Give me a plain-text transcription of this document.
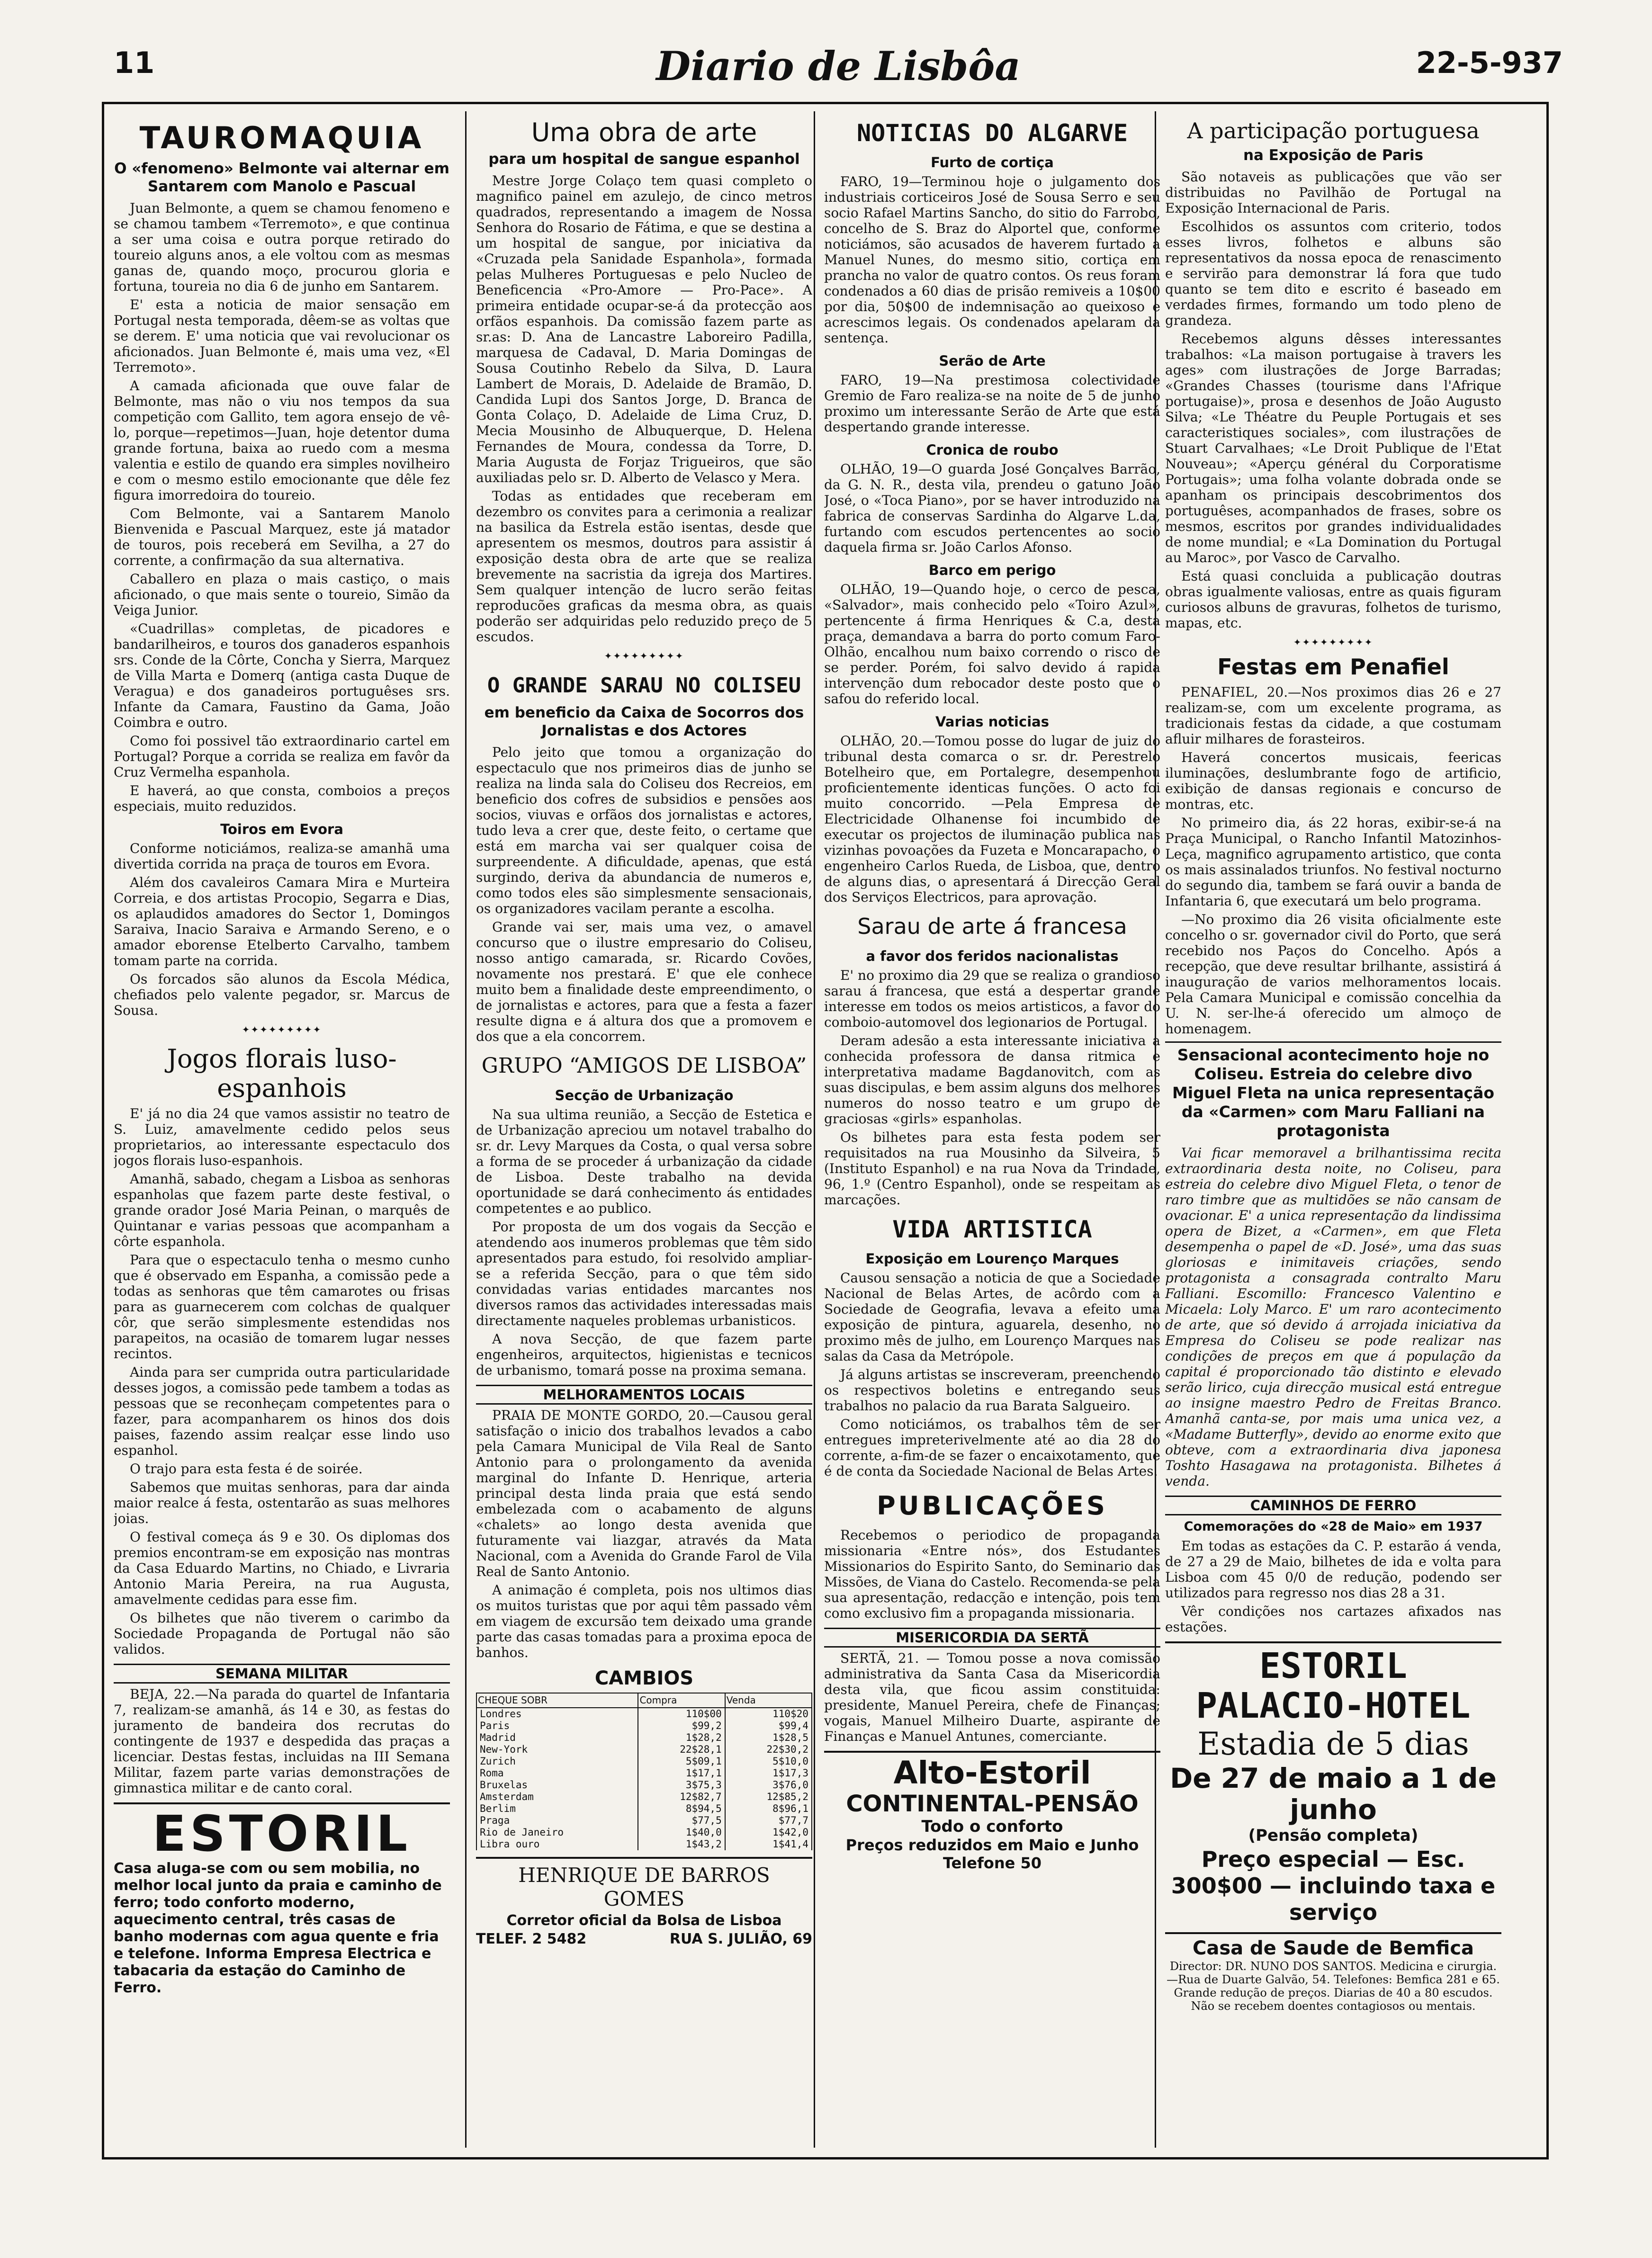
11	Diario de Lisbôa	22-5-937
TAUROMAQUIA
O «fenomeno» Belmonte vai alternar em Santarem com Manolo e Pascual

Juan Belmonte, a quem se chamou fenomeno e se chamou tambem «Terremoto», e que continua a ser uma coisa e outra porque retirado do toureio alguns anos, a ele voltou com as mesmas ganas de, quando moço, procurou gloria e fortuna, toureia no dia 6 de junho em Santarem.

E' esta a noticia de maior sensação em Portugal nesta temporada, dêem-se as voltas que se derem. E' uma noticia que vai revolucionar os aficionados. Juan Belmonte é, mais uma vez, «El Terremoto».

A camada aficionada que ouve falar de Belmonte, mas não o viu nos tempos da sua competição com Gallito, tem agora ensejo de vê-lo, porque—repetimos—Juan, hoje detentor duma grande fortuna, baixa ao ruedo com a mesma valentia e estilo de quando era simples novilheiro e com o mesmo estilo emocionante que dêle fez figura imorredoira do toureio.

Com Belmonte, vai a Santarem Manolo Bienvenida e Pascual Marquez, este já matador de touros, pois receberá em Sevilha, a 27 do corrente, a confirmação da sua alternativa.

Caballero en plaza o mais castiço, o mais aficionado, o que mais sente o toureio, Simão da Veiga Junior.

«Cuadrillas» completas, de picadores e bandarilheiros, e touros dos ganaderos espanhois srs. Conde de la Côrte, Concha y Sierra, Marquez de Villa Marta e Domerq (antiga casta Duque de Veragua) e dos ganadeiros portuguêses srs. Infante da Camara, Faustino da Gama, João Coimbra e outro.

Como foi possivel tão extraordinario cartel em Portugal? Porque a corrida se realiza em favôr da Cruz Vermelha espanhola.

E haverá, ao que consta, comboios a preços especiais, muito reduzidos.

Toiros em Evora

Conforme noticiámos, realiza-se amanhã uma divertida corrida na praça de touros em Evora.

Além dos cavaleiros Camara Mira e Murteira Correia, e dos artistas Procopio, Segarra e Dias, os aplaudidos amadores do Sector 1, Domingos Saraiva, Inacio Saraiva e Armando Sereno, e o amador eborense Etelberto Carvalho, tambem tomam parte na corrida.

Os forcados são alunos da Escola Médica, chefiados pelo valente pegador, sr. Marcus de Sousa.

✦✦✦✦✦✦✦✦✦
Jogos florais luso-espanhois

E' já no dia 24 que vamos assistir no teatro de S. Luiz, amavelmente cedido pelos seus proprietarios, ao interessante espectaculo dos jogos florais luso-espanhois.

Amanhã, sabado, chegam a Lisboa as senhoras espanholas que fazem parte deste festival, o grande orador José Maria Peinan, o marquês de Quintanar e varias pessoas que acompanham a côrte espanhola.

Para que o espectaculo tenha o mesmo cunho que é observado em Espanha, a comissão pede a todas as senhoras que têm camarotes ou frisas para as guarnecerem com colchas de qualquer côr, que serão simplesmente estendidas nos parapeitos, na ocasião de tomarem lugar nesses recintos.

Ainda para ser cumprida outra particularidade desses jogos, a comissão pede tambem a todas as pessoas que se reconheçam competentes para o fazer, para acompanharem os hinos dos dois paises, fazendo assim realçar esse lindo uso espanhol.

O trajo para esta festa é de soirée.

Sabemos que muitas senhoras, para dar ainda maior realce á festa, ostentarão as suas melhores joias.

O festival começa ás 9 e 30. Os diplomas dos premios encontram-se em exposição nas montras da Casa Eduardo Martins, no Chiado, e Livraria Antonio Maria Pereira, na rua Augusta, amavelmente cedidas para esse fim.

Os bilhetes que não tiverem o carimbo da Sociedade Propaganda de Portugal não são validos.

SEMANA MILITAR

BEJA, 22.—Na parada do quartel de Infantaria 7, realizam-se amanhã, ás 14 e 30, as festas do juramento de bandeira dos recrutas do contingente de 1937 e despedida das praças a licenciar. Destas festas, incluidas na III Semana Militar, fazem parte varias demonstrações de gimnastica militar e de canto coral.

ESTORIL
Casa aluga-se com ou sem mobilia, no melhor local junto da praia e caminho de ferro; todo conforto moderno, aquecimento central, três casas de banho modernas com agua quente e fria e telefone. Informa Empresa Electrica e tabacaria da estação do Caminho de Ferro.
Uma obra de arte
para um hospital de sangue espanhol

Mestre Jorge Colaço tem quasi completo o magnifico painel em azulejo, de cinco metros quadrados, representando a imagem de Nossa Senhora do Rosario de Fátima, e que se destina a um hospital de sangue, por iniciativa da «Cruzada pela Sanidade Espanhola», formada pelas Mulheres Portuguesas e pelo Nucleo de Beneficencia «Pro-Amore — Pro-Pace». A primeira entidade ocupar-se-á da protecção aos orfãos espanhois. Da comissão fazem parte as sr.as: D. Ana de Lancastre Laboreiro Padilla, marquesa de Cadaval, D. Maria Domingas de Sousa Coutinho Rebelo da Silva, D. Laura Lambert de Morais, D. Adelaide de Bramão, D. Candida Lupi dos Santos Jorge, D. Branca de Gonta Colaço, D. Adelaide de Lima Cruz, D. Mecia Mousinho de Albuquerque, D. Helena Fernandes de Moura, condessa da Torre, D. Maria Augusta de Forjaz Trigueiros, que são auxiliadas pelo sr. D. Alberto de Velasco y Mera.

Todas as entidades que receberam em dezembro os convites para a cerimonia a realizar na basilica da Estrela estão isentas, desde que apresentem os mesmos, doutros para assistir á exposição desta obra de arte que se realiza brevemente na sacristia da igreja dos Martires. Sem qualquer intenção de lucro serão feitas reproducões graficas da mesma obra, as quais poderão ser adquiridas pelo reduzido preço de 5 escudos.

✦✦✦✦✦✦✦✦✦
O GRANDE SARAU NO COLISEU
em beneficio da Caixa de Socorros dos Jornalistas e dos Actores

Pelo jeito que tomou a organização do espectaculo que nos primeiros dias de junho se realiza na linda sala do Coliseu dos Recreios, em beneficio dos cofres de subsidios e pensões aos socios, viuvas e orfãos dos jornalistas e actores, tudo leva a crer que, deste feito, o certame que está em marcha vai ser qualquer coisa de surpreendente. A dificuldade, apenas, que está surgindo, deriva da abundancia de numeros e, como todos eles são simplesmente sensacionais, os organizadores vacilam perante a escolha.

Grande vai ser, mais uma vez, o amavel concurso que o ilustre empresario do Coliseu, nosso antigo camarada, sr. Ricardo Covões, novamente nos prestará. E' que ele conhece muito bem a finalidade deste empreendimento, o de jornalistas e actores, para que a festa a fazer resulte digna e á altura dos que a promovem e dos que a ela concorrem.

GRUPO “AMIGOS DE LISBOA”
Secção de Urbanização

Na sua ultima reunião, a Secção de Estetica e de Urbanização apreciou um notavel trabalho do sr. dr. Levy Marques da Costa, o qual versa sobre a forma de se proceder á urbanização da cidade de Lisboa. Deste trabalho na devida oportunidade se dará conhecimento ás entidades competentes e ao publico.

Por proposta de um dos vogais da Secção e atendendo aos inumeros problemas que têm sido apresentados para estudo, foi resolvido ampliar-se a referida Secção, para o que têm sido convidadas varias entidades marcantes nos diversos ramos das actividades interessadas mais directamente naqueles problemas urbanisticos.

A nova Secção, de que fazem parte engenheiros, arquitectos, higienistas e tecnicos de urbanismo, tomará posse na proxima semana.

MELHORAMENTOS LOCAIS

PRAIA DE MONTE GORDO, 20.—Causou geral satisfação o inicio dos trabalhos levados a cabo pela Camara Municipal de Vila Real de Santo Antonio para o prolongamento da avenida marginal do Infante D. Henrique, arteria principal desta linda praia que está sendo embelezada com o acabamento de alguns «chalets» ao longo desta avenida que futuramente vai liazgar, através da Mata Nacional, com a Avenida do Grande Farol de Vila Real de Santo Antonio.

A animação é completa, pois nos ultimos dias os muitos turistas que por aqui têm passado vêm em viagem de excursão tem deixado uma grande parte das casas tomadas para a proxima epoca de banhos.

CAMBIOS
CHEQUE SOBR	Compra	Venda
Londres	110$00	110$20
Paris	$99,2	$99,4
Madrid	1$28,2	1$28,5
New-York	22$28,1	22$30,2
Zurich	5$09,1	5$10,0
Roma	1$17,1	1$17,3
Bruxelas	3$75,3	3$76,0
Amsterdam	12$82,7	12$85,2
Berlim	8$94,5	8$96,1
Praga	$77,5	$77,7
Rio de Janeiro	1$40,0	1$42,0
Libra ouro	1$43,2	1$41,4
HENRIQUE DE BARROS GOMES
Corretor oficial da Bolsa de Lisboa
TELEF. 2 5482	RUA S. JULIÃO, 69
NOTICIAS DO ALGARVE
Furto de cortiça

FARO, 19—Terminou hoje o julgamento dos industriais corticeiros José de Sousa Serro e seu socio Rafael Martins Sancho, do sitio do Farrobo, concelho de S. Braz do Alportel que, conforme noticiámos, são acusados de haverem furtado a Manuel Nunes, do mesmo sitio, cortiça em prancha no valor de quatro contos. Os reus foram condenados a 60 dias de prisão remiveis a 10$00 por dia, 50$00 de indemnisação ao queixoso e acrescimos legais. Os condenados apelaram da sentença.

Serão de Arte

FARO, 19—Na prestimosa colectividade Gremio de Faro realiza-se na noite de 5 de junho proximo um interessante Serão de Arte que está despertando grande interesse.

Cronica de roubo

OLHÃO, 19—O guarda José Gonçalves Barrão, da G. N. R., desta vila, prendeu o gatuno João José, o «Toca Piano», por se haver introduzido na fabrica de conservas Sardinha do Algarve L.da, furtando com escudos pertencentes ao socio daquela firma sr. João Carlos Afonso.

Barco em perigo

OLHÃO, 19—Quando hoje, o cerco de pesca, «Salvador», mais conhecido pelo «Toiro Azul», pertencente á firma Henriques & C.a, desta praça, demandava a barra do porto comum Faro-Olhão, encalhou num baixo correndo o risco de se perder. Porém, foi salvo devido á rapida intervenção dum rebocador deste posto que o safou do referido local.

Varias noticias

OLHÃO, 20.—Tomou posse do lugar de juiz do tribunal desta comarca o sr. dr. Perestrelo Botelheiro que, em Portalegre, desempenhou proficientemente identicas funções. O acto foi muito concorrido. —Pela Empresa de Electricidade Olhanense foi incumbido de executar os projectos de iluminação publica nas vizinhas povoações da Fuzeta e Moncarapacho, o engenheiro Carlos Rueda, de Lisboa, que, dentro de alguns dias, o apresentará á Direcção Geral dos Serviços Electricos, para aprovação.

Sarau de arte á francesa
a favor dos feridos nacionalistas

E' no proximo dia 29 que se realiza o grandioso sarau á francesa, que está a despertar grande interesse em todos os meios artisticos, a favor do comboio-automovel dos legionarios de Portugal.

Deram adesão a esta interessante iniciativa a conhecida professora de dansa ritmica e interpretativa madame Bagdanovitch, com as suas discipulas, e bem assim alguns dos melhores numeros do nosso teatro e um grupo de graciosas «girls» espanholas.

Os bilhetes para esta festa podem ser requisitados na rua Mousinho da Silveira, 5 (Instituto Espanhol) e na rua Nova da Trindade, 96, 1.º (Centro Espanhol), onde se respeitam as marcações.

VIDA ARTISTICA
Exposição em Lourenço Marques

Causou sensação a noticia de que a Sociedade Nacional de Belas Artes, de acôrdo com a Sociedade de Geografia, levava a efeito uma exposição de pintura, aguarela, desenho, no proximo mês de julho, em Lourenço Marques nas salas da Casa da Metrópole.

Já alguns artistas se inscreveram, preenchendo os respectivos boletins e entregando seus trabalhos no palacio da rua Barata Salgueiro.

Como noticiámos, os trabalhos têm de ser entregues impreterivelmente até ao dia 28 do corrente, a-fim-de se fazer o encaixotamento, que é de conta da Sociedade Nacional de Belas Artes.

PUBLICAÇÕES

Recebemos o periodico de propaganda missionaria «Entre nós», dos Estudantes Missionarios do Espirito Santo, do Seminario das Missões, de Viana do Castelo. Recomenda-se pela sua apresentação, redacção e intenção, pois tem como exclusivo fim a propaganda missionaria.

MISERICORDIA DA SERTÃ

SERTÃ, 21. — Tomou posse a nova comissão administrativa da Santa Casa da Misericordia desta vila, que ficou assim constituida: presidente, Manuel Pereira, chefe de Finanças; vogais, Manuel Milheiro Duarte, aspirante de Finanças e Manuel Antunes, comerciante.

Alto-Estoril
CONTINENTAL-PENSÃO
Todo o conforto
Preços reduzidos em Maio e Junho
Telefone 50
A participação portuguesa
na Exposição de Paris

São notaveis as publicações que vão ser distribuidas no Pavilhão de Portugal na Exposição Internacional de Paris.

Escolhidos os assuntos com criterio, todos esses livros, folhetos e albuns são representativos da nossa epoca de renascimento e servirão para demonstrar lá fora que tudo quanto se tem dito e escrito é baseado em verdades firmes, formando um todo pleno de grandeza.

Recebemos alguns dêsses interessantes trabalhos: «La maison portugaise à travers les ages» com ilustrações de Jorge Barradas; «Grandes Chasses (tourisme dans l'Afrique portugaise)», prosa e desenhos de João Augusto Silva; «Le Théatre du Peuple Portugais et ses caracteristiques sociales», com ilustrações de Stuart Carvalhaes; «Le Droit Publique de l'Etat Nouveau»; «Aperçu général du Corporatisme Portugais»; uma folha volante dobrada onde se apanham os principais descobrimentos dos portuguêses, acompanhados de frases, sobre os mesmos, escritos por grandes individualidades de nome mundial; e «La Domination du Portugal au Maroc», por Vasco de Carvalho.

Está quasi concluida a publicação doutras obras igualmente valiosas, entre as quais figuram curiosos albuns de gravuras, folhetos de turismo, mapas, etc.

✦✦✦✦✦✦✦✦✦
Festas em Penafiel

PENAFIEL, 20.—Nos proximos dias 26 e 27 realizam-se, com um excelente programa, as tradicionais festas da cidade, a que costumam afluir milhares de forasteiros.

Haverá concertos musicais, feericas iluminações, deslumbrante fogo de artificio, exibição de dansas regionais e concurso de montras, etc.

No primeiro dia, ás 22 horas, exibir-se-á na Praça Municipal, o Rancho Infantil Matozinhos-Leça, magnifico agrupamento artistico, que conta os mais assinalados triunfos. No festival nocturno do segundo dia, tambem se fará ouvir a banda de Infantaria 6, que executará um belo programa.

—No proximo dia 26 visita oficialmente este concelho o sr. governador civil do Porto, que será recebido nos Paços do Concelho. Após a recepção, que deve resultar brilhante, assistirá á inauguração de varios melhoramentos locais. Pela Camara Municipal e comissão concelhia da U. N. ser-lhe-á oferecido um almoço de homenagem.

Sensacional acontecimento hoje no Coliseu. Estreia do celebre divo Miguel Fleta na unica representação da «Carmen» com Maru Falliani na protagonista

Vai ficar memoravel a brilhantissima recita extraordinaria desta noite, no Coliseu, para estreia do celebre divo Miguel Fleta, o tenor de raro timbre que as multidões se não cansam de ovacionar. E' a unica representação da lindissima opera de Bizet, a «Carmen», em que Fleta desempenha o papel de «D. José», uma das suas gloriosas e inimitaveis criações, sendo protagonista a consagrada contralto Maru Falliani. Escomillo: Francesco Valentino e Micaela: Loly Marco. E' um raro acontecimento de arte, que só devido á arrojada iniciativa da Empresa do Coliseu se pode realizar nas condições de preços em que á população da capital é proporcionado tão distinto e elevado serão lirico, cuja direcção musical está entregue ao insigne maestro Pedro de Freitas Branco. Amanhã canta-se, por mais uma unica vez, a «Madame Butterfly», devido ao enorme exito que obteve, com a extraordinaria diva japonesa Toshto Hasagawa na protagonista. Bilhetes á venda.

CAMINHOS DE FERRO
Comemorações do «28 de Maio» em 1937

Em todas as estações da C. P. estarão á venda, de 27 a 29 de Maio, bilhetes de ida e volta para Lisboa com 45 0/0 de redução, podendo ser utilizados para regresso nos dias 28 a 31.

Vêr condições nos cartazes afixados nas estações.

ESTORIL PALACIO-HOTEL
Estadia de 5 dias
De 27 de maio a 1 de junho
(Pensão completa)
Preço especial — Esc. 300$00 — incluindo taxa e serviço
Casa de Saude de Bemfica
Director: DR. NUNO DOS SANTOS. Medicina e cirurgia.—Rua de Duarte Galvão, 54. Telefones: Bemfica 281 e 65. Grande redução de preços. Diarias de 40 a 80 escudos. Não se recebem doentes contagiosos ou mentais.
